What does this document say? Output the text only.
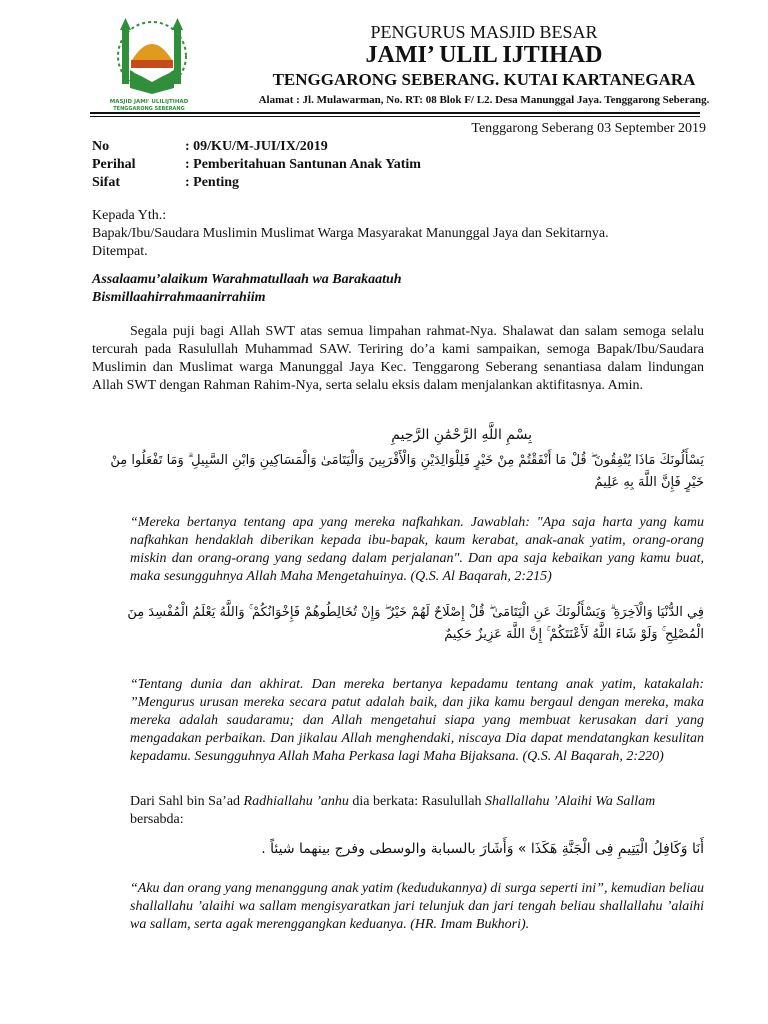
MASJID JAMI' ULILIJTIHAD
TENGGARONG SEBERANG
PENGURUS MASJID BESAR
JAMI’ ULIL IJTIHAD
TENGGARONG SEBERANG. KUTAI KARTANEGARA
Alamat : Jl. Mulawarman, No. RT: 08 Blok F/ L2. Desa Manunggal Jaya. Tenggarong Seberang.
Tenggarong Seberang 03 September 2019
No	: 09/KU/M-JUI/IX/2019
Perihal	: Pemberitahuan Santunan Anak Yatim
Sifat	: Penting
Kepada Yth.:
Bapak/Ibu/Saudara Muslimin Muslimat Warga Masyarakat Manunggal Jaya dan Sekitarnya.
Ditempat.
Assalaamu’alaikum Warahmatullaah wa Barakaatuh
Bismillaahirrahmaanirrahiim
Segala puji bagi Allah SWT atas semua limpahan rahmat-Nya. Shalawat dan salam semoga selalu tercurah pada Rasulullah Muhammad SAW. Teriring do’a kami sampaikan, semoga Bapak/Ibu/Saudara Muslimin dan Muslimat warga Manunggal Jaya Kec. Tenggarong Seberang senantiasa dalam lindungan Allah SWT dengan Rahman Rahim-Nya, serta selalu eksis dalam menjalankan aktifitasnya. Amin.
بِسْمِ اللَّهِ الرَّحْمَٰنِ الرَّحِيمِ
يَسْأَلُونَكَ مَاذَا يُنْفِقُونَ ۖ قُلْ مَا أَنْفَقْتُمْ مِنْ خَيْرٍ فَلِلْوَالِدَيْنِ وَالْأَقْرَبِينَ وَالْيَتَامَىٰ وَالْمَسَاكِينِ وَابْنِ السَّبِيلِ ۗ وَمَا تَفْعَلُوا مِنْ خَيْرٍ فَإِنَّ اللَّهَ بِهِ عَلِيمٌ
“Mereka bertanya tentang apa yang mereka nafkahkan. Jawablah: "Apa saja harta yang kamu nafkahkan hendaklah diberikan kepada ibu-bapak, kaum kerabat, anak-anak yatim, orang-orang miskin dan orang-orang yang sedang dalam perjalanan". Dan apa saja kebaikan yang kamu buat, maka sesungguhnya Allah Maha Mengetahuinya. (Q.S. Al Baqarah, 2:215)
فِي الدُّنْيَا وَالْآخِرَةِ ۗ وَيَسْأَلُونَكَ عَنِ الْيَتَامَىٰ ۖ قُلْ إِصْلَاحٌ لَهُمْ خَيْرٌ ۖ وَإِنْ تُخَالِطُوهُمْ فَإِخْوَانُكُمْ ۚ وَاللَّهُ يَعْلَمُ الْمُفْسِدَ مِنَ الْمُصْلِحِ ۚ وَلَوْ شَاءَ اللَّهُ لَأَعْنَتَكُمْ ۚ إِنَّ اللَّهَ عَزِيزٌ حَكِيمٌ
“Tentang dunia dan akhirat. Dan mereka bertanya kepadamu tentang anak yatim, katakalah: ”Mengurus urusan mereka secara patut adalah baik, dan jika kamu bergaul dengan mereka, maka mereka adalah saudaramu; dan Allah mengetahui siapa yang membuat kerusakan dari yang mengadakan perbaikan. Dan jikalau Allah menghendaki, niscaya Dia dapat mendatangkan kesulitan kepadamu. Sesungguhnya Allah Maha Perkasa lagi Maha Bijaksana. (Q.S. Al Baqarah, 2:220)
Dari Sahl bin Sa’ad Radhiallahu ’anhu dia berkata: Rasulullah Shallallahu ’Alaihi Wa Sallam bersabda:
أَنَا وَكَافِلُ الْيَتِيمِ فِى الْجَنَّةِ هَكَذَا » وَأَشَارَ بالسبابة والوسطى وفرج بينهما شيئاً .
“Aku dan orang yang menanggung anak yatim (kedudukannya) di surga seperti ini”, kemudian beliau shallallahu ’alaihi wa sallam mengisyaratkan jari telunjuk dan jari tengah beliau shallallahu ’alaihi wa sallam, serta agak merenggangkan keduanya. (HR. Imam Bukhori).
